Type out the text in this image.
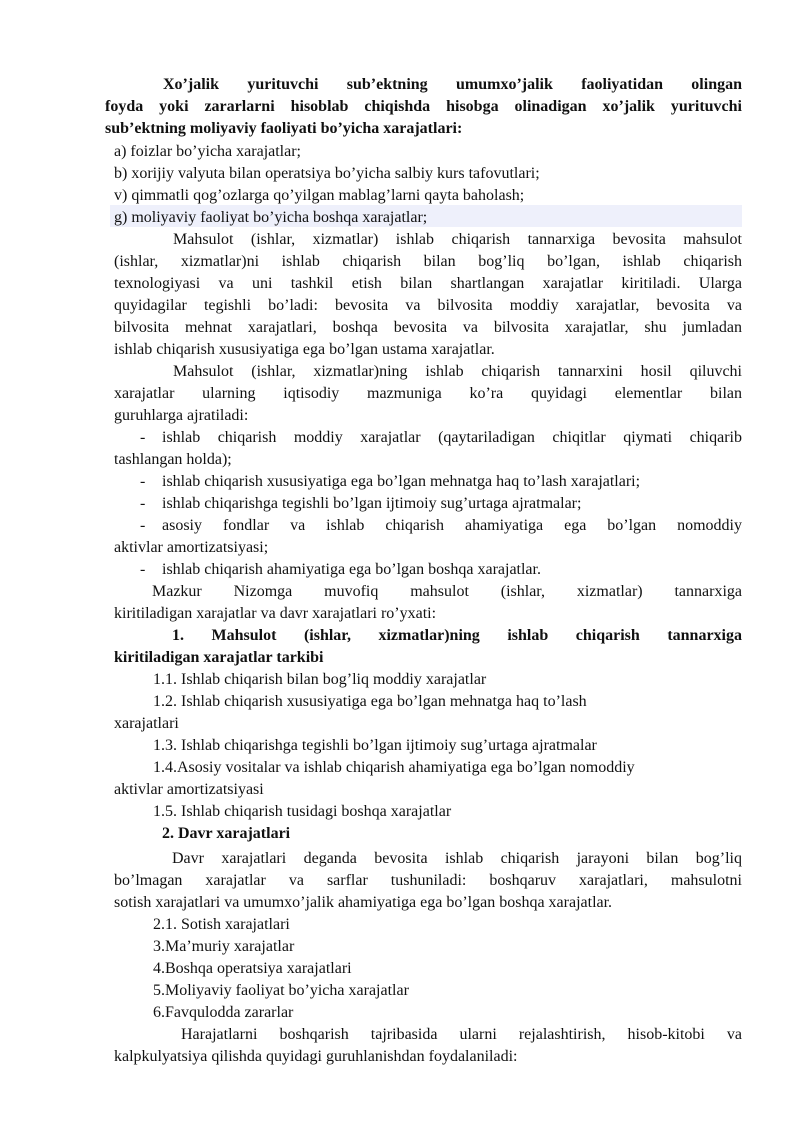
Xo’jalik yurituvchi sub’ektning umumxo’jalik faoliyatidan olingan
foyda yoki zararlarni hisoblab chiqishda hisobga olinadigan xo’jalik yurituvchi
sub’ektning moliyaviy faoliyati bo’yicha xarajatlari:
a) foizlar bo’yicha xarajatlar;
b) xorijiy valyuta bilan operatsiya bo’yicha salbiy kurs tafovutlari;
v) qimmatli qog’ozlarga qo’yilgan mablag’larni qayta baholash;
g) moliyaviy faoliyat bo’yicha boshqa xarajatlar;
Mahsulot (ishlar, xizmatlar) ishlab chiqarish tannarxiga bevosita mahsulot
(ishlar, xizmatlar)ni ishlab chiqarish bilan bog’liq bo’lgan, ishlab chiqarish
texnologiyasi va uni tashkil etish bilan shartlangan xarajatlar kiritiladi. Ularga
quyidagilar tegishli bo’ladi: bevosita va bilvosita moddiy xarajatlar, bevosita va
bilvosita mehnat xarajatlari, boshqa bevosita va bilvosita xarajatlar, shu jumladan
ishlab chiqarish xususiyatiga ega bo’lgan ustama xarajatlar.
Mahsulot (ishlar, xizmatlar)ning ishlab chiqarish tannarxini hosil qiluvchi
xarajatlar ularning iqtisodiy mazmuniga ko’ra quyidagi elementlar bilan
guruhlarga ajratiladi:
- ishlab chiqarish moddiy xarajatlar (qaytariladigan chiqitlar qiymati chiqarib
tashlangan holda);
- ishlab chiqarish xususiyatiga ega bo’lgan mehnatga haq to’lash xarajatlari;
- ishlab chiqarishga tegishli bo’lgan ijtimoiy sug’urtaga ajratmalar;
- asosiy fondlar va ishlab chiqarish ahamiyatiga ega bo’lgan nomoddiy
aktivlar amortizatsiyasi;
- ishlab chiqarish ahamiyatiga ega bo’lgan boshqa xarajatlar.
Mazkur Nizomga muvofiq mahsulot (ishlar, xizmatlar) tannarxiga
kiritiladigan xarajatlar va davr xarajatlari ro’yxati:
1. Mahsulot (ishlar, xizmatlar)ning ishlab chiqarish tannarxiga
kiritiladigan xarajatlar tarkibi
1.1. Ishlab chiqarish bilan bog’liq moddiy xarajatlar
1.2. Ishlab chiqarish xususiyatiga ega bo’lgan mehnatga haq to’lash
xarajatlari
1.3. Ishlab chiqarishga tegishli bo’lgan ijtimoiy sug’urtaga ajratmalar
1.4.Asosiy vositalar va ishlab chiqarish ahamiyatiga ega bo’lgan nomoddiy
aktivlar amortizatsiyasi
1.5. Ishlab chiqarish tusidagi boshqa xarajatlar
2. Davr xarajatlari
Davr xarajatlari deganda bevosita ishlab chiqarish jarayoni bilan bog’liq
bo’lmagan xarajatlar va sarflar tushuniladi: boshqaruv xarajatlari, mahsulotni
sotish xarajatlari va umumxo’jalik ahamiyatiga ega bo’lgan boshqa xarajatlar.
2.1. Sotish xarajatlari
3.Ma’muriy xarajatlar
4.Boshqa operatsiya xarajatlari
5.Moliyaviy faoliyat bo’yicha xarajatlar
6.Favqulodda zararlar
Harajatlarni boshqarish tajribasida ularni rejalashtirish, hisob-kitobi va
kalpkulyatsiya qilishda quyidagi guruhlanishdan foydalaniladi:
